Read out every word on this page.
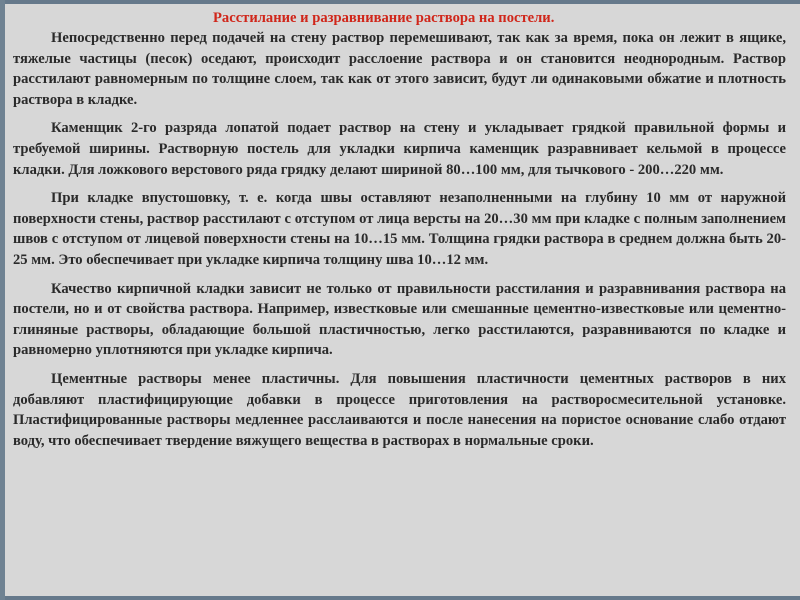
Расстилание и разравнивание раствора на постели.

Непосредственно перед подачей на стену раствор перемешивают, так как за время, пока он лежит в ящике, тяжелые частицы (песок) оседают, происходит расслоение раствора и он становится неоднородным. Раствор расстилают равномерным по толщине слоем, так как от этого зависит, будут ли одинаковыми обжатие и плотность раствора в кладке.

Каменщик 2-го разряда лопатой подает раствор на стену и укладывает грядкой правильной формы и требуемой ширины. Растворную постель для укладки кирпича каменщик разравнивает кельмой в процессе кладки. Для ложкового верстового ряда грядку делают шириной 80…100 мм, для тычкового - 200…220 мм.

При кладке впустошовку, т. е. когда швы оставляют незаполненными на глубину 10 мм от наружной поверхности стены, раствор расстилают с отступом от лица версты на 20…30 мм при кладке с полным заполнением швов с отступом от лицевой поверхности стены на 10…15 мм. Толщина грядки раствора в среднем должна быть 20-25 мм. Это обеспечивает при укладке кирпича толщину шва 10…12 мм.

Качество кирпичной кладки зависит не только от правильности расстилания и разравнивания раствора на постели, но и от свойства раствора. Например, известковые или смешанные цементно-известковые или цементно-глиняные растворы, обладающие большой пластичностью, легко расстилаются, разравниваются по кладке и равномерно уплотняются при укладке кирпича.

Цементные растворы менее пластичны. Для повышения пластичности цементных растворов в них добавляют пластифицирующие добавки в процессе приготовления на растворосмесительной установке. Пластифицированные растворы медленнее расслаиваются и после нанесения на пористое основание слабо отдают воду, что обеспечивает твердение вяжущего вещества в растворах в нормальные сроки.
